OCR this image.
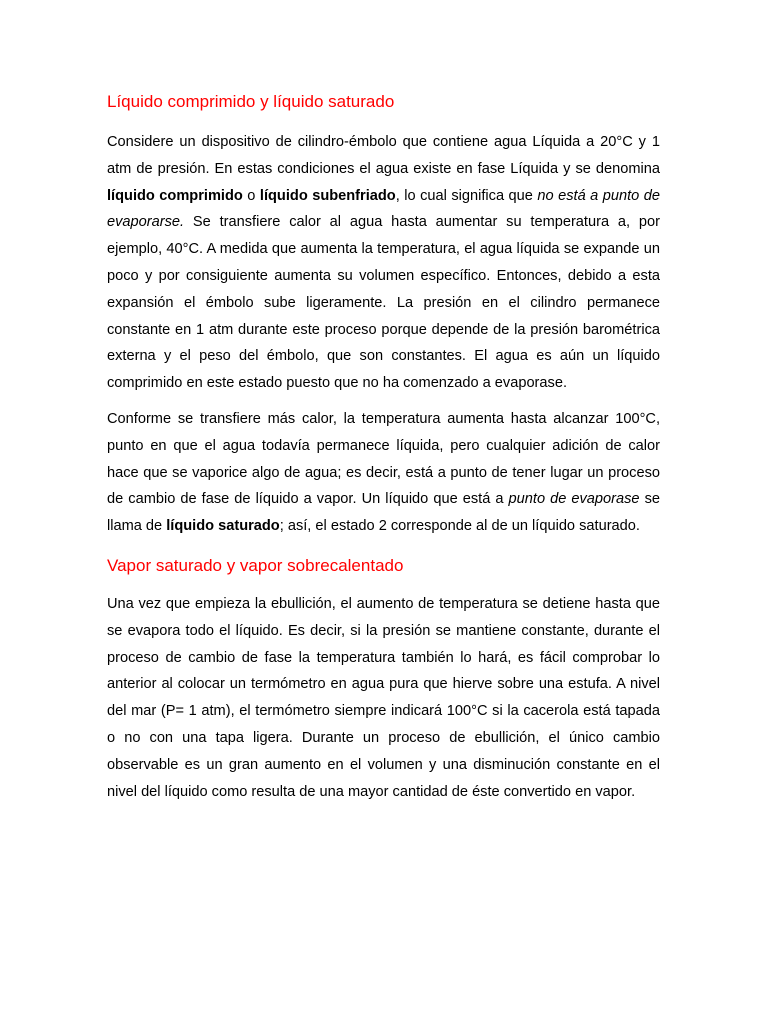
Líquido comprimido y líquido saturado

Considere un dispositivo de cilindro-émbolo que contiene agua Líquida a 20°C y 1 atm de presión. En estas condiciones el agua existe en fase Líquida y se denomina líquido comprimido o líquido subenfriado, lo cual significa que no está a punto de evaporarse. Se transfiere calor al agua hasta aumentar su temperatura a, por ejemplo, 40°C. A medida que aumenta la temperatura, el agua líquida se expande un poco y por consiguiente aumenta su volumen específico. Entonces, debido a esta expansión el émbolo sube ligeramente. La presión en el cilindro permanece constante en 1 atm durante este proceso porque depende de la presión barométrica externa y el peso del émbolo, que son constantes. El agua es aún un líquido comprimido en este estado puesto que no ha comenzado a evaporase.

Conforme se transfiere más calor, la temperatura aumenta hasta alcanzar 100°C, punto en que el agua todavía permanece líquida, pero cualquier adición de calor hace que se vaporice algo de agua; es decir, está a punto de tener lugar un proceso de cambio de fase de líquido a vapor. Un líquido que está a punto de evaporase se llama de líquido saturado; así, el estado 2 corresponde al de un líquido saturado.

Vapor saturado y vapor sobrecalentado

Una vez que empieza la ebullición, el aumento de temperatura se detiene hasta que se evapora todo el líquido. Es decir, si la presión se mantiene constante, durante el proceso de cambio de fase la temperatura también lo hará, es fácil comprobar lo anterior al colocar un termómetro en agua pura que hierve sobre una estufa. A nivel del mar (P= 1 atm), el termómetro siempre indicará 100°C si la cacerola está tapada o no con una tapa ligera. Durante un proceso de ebullición, el único cambio observable es un gran aumento en el volumen y una disminución constante en el nivel del líquido como resulta de una mayor cantidad de éste convertido en vapor.
